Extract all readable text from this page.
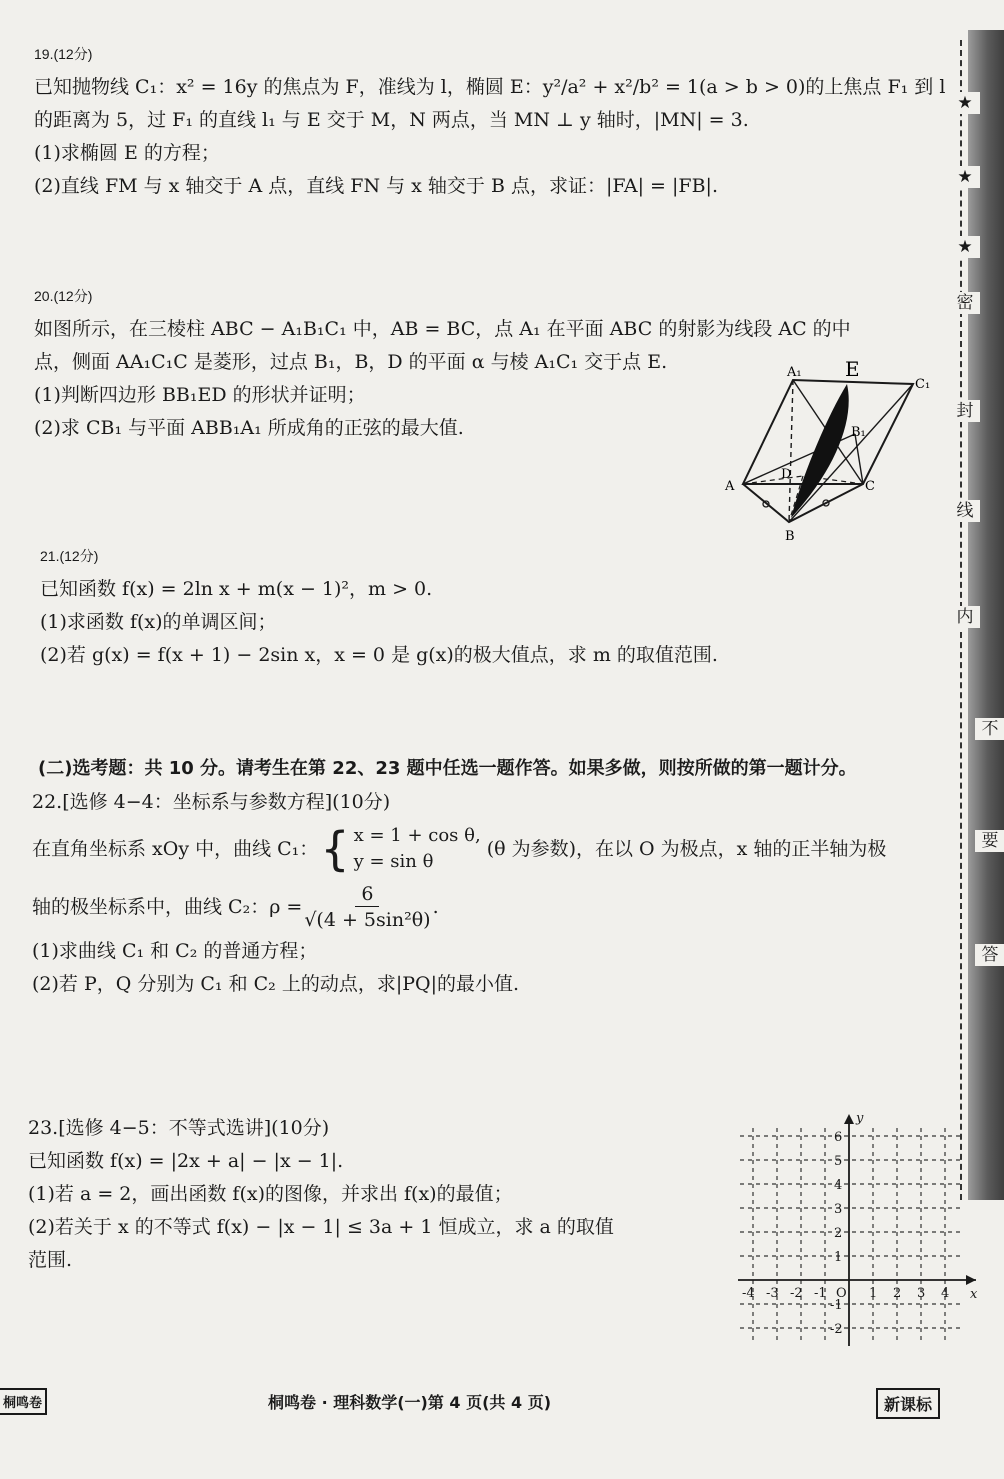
★
★
★
密
封
线
内
不
要
答

19.(12分)

已知抛物线 C₁：x² = 16y 的焦点为 F，准线为 l，椭圆 E：y²/a² + x²/b² = 1(a > b > 0)的上焦点 F₁ 到 l

的距离为 5，过 F₁ 的直线 l₁ 与 E 交于 M，N 两点，当 MN ⊥ y 轴时，|MN| = 3.

(1)求椭圆 E 的方程；

(2)直线 FM 与 x 轴交于 A 点，直线 FN 与 x 轴交于 B 点，求证：|FA| = |FB|.

20.(12分)

如图所示，在三棱柱 ABC − A₁B₁C₁ 中，AB = BC，点 A₁ 在平面 ABC 的射影为线段 AC 的中

点，侧面 AA₁C₁C 是菱形，过点 B₁，B，D 的平面 α 与棱 A₁C₁ 交于点 E.

(1)判断四边形 BB₁ED 的形状并证明；

(2)求 CB₁ 与平面 ABB₁A₁ 所成角的正弦的最大值.

A₁ E
C₁
B₁
D
A	C
B

21.(12分)

已知函数 f(x) = 2ln x + m(x − 1)²，m > 0.

(1)求函数 f(x)的单调区间；

(2)若 g(x) = f(x + 1) − 2sin x，x = 0 是 g(x)的极大值点，求 m 的取值范围.

(二)选考题：共 10 分。请考生在第 22、23 题中任选一题作答。如果多做，则按所做的第一题计分。

22.[选修 4−4：坐标系与参数方程](10分)

在直角坐标系 xOy 中，曲线 C₁： { x = 1 + cos θ,
y = sin θ
(θ 为参数)，在以 O 为极点，x 轴的正半轴为极
轴的极坐标系中，曲线 C₂：$\rho = \frac{6}{\text{√(4 + 5sin²θ)}}$ .

(1)求曲线 C₁ 和 C₂ 的普通方程；

(2)若 P，Q 分别为 C₁ 和 C₂ 上的动点，求|PQ|的最小值.

23.[选修 4−5：不等式选讲](10分)

已知函数 f(x) = |2x + a| − |x − 1|.

(1)若 a = 2，画出函数 f(x)的图像，并求出 f(x)的最值；

(2)若关于 x 的不等式 f(x) − |x − 1| ≤ 3a + 1 恒成立，求 a 的取值

范围.

x
y
O
-4 -3 -2 -1	1 2 3 4
6
5
4
3
2
1
-1
-2
桐鸣卷	桐鸣卷 · 理科数学(一)第 4 页(共 4 页)	新课标
